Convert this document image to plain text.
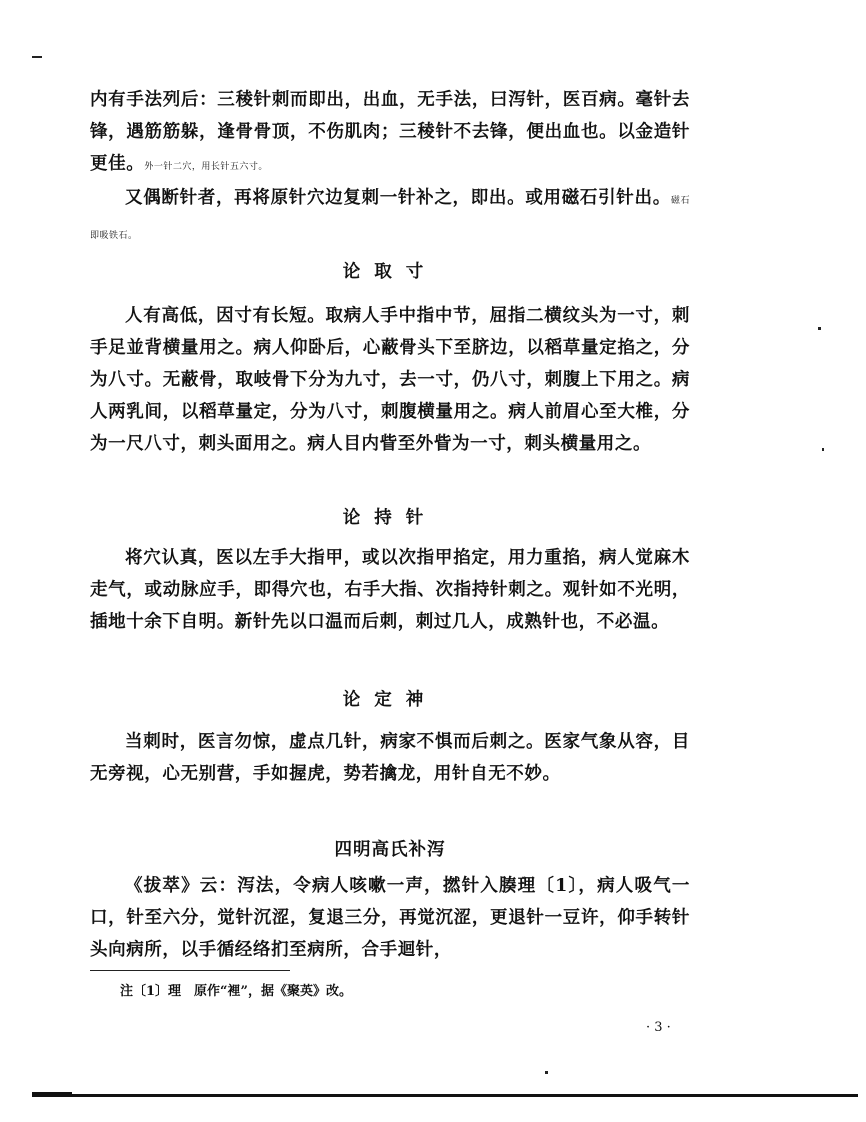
内有手法列后：三稜针刺而即出，出血，无手法，曰泻针，医百病。毫针去锋，遇筋筋躲，逢骨骨顶，不伤肌肉；三稜针不去锋，便出血也。以金造针更佳。外一针二穴，用长针五六寸。

又偶断针者，再将原针穴边复刺一针补之，即出。或用磁石引针出。磁石即吸铁石。

论取寸

人有高低，因寸有长短。取病人手中指中节，屈指二横纹头为一寸，刺手足並背横量用之。病人仰卧后，心蔽骨头下至脐边，以稻草量定掐之，分为八寸。无蔽骨，取岐骨下分为九寸，去一寸，仍八寸，刺腹上下用之。病人两乳间，以稻草量定，分为八寸，刺腹横量用之。病人前眉心至大椎，分为一尺八寸，刺头面用之。病人目内眥至外眥为一寸，刺头横量用之。

论持针

将穴认真，医以左手大指甲，或以次指甲掐定，用力重掐，病人觉麻木走气，或动脉应手，即得穴也，右手大指、次指持针刺之。观针如不光明，插地十余下自明。新针先以口温而后刺，刺过几人，成熟针也，不必温。

论定神

当刺时，医言勿惊，虚点几针，病家不惧而后刺之。医家气象从容，目无旁视，心无别营，手如握虎，势若擒龙，用针自无不妙。

四明高氏补泻

《拔萃》云：泻法，令病人咳嗽一声，撚针入腠理〔1〕，病人吸气一口，针至六分，觉针沉涩，复退三分，再觉沉涩，更退针一豆许，仰手转针头向病所，以手循经络扪至病所，合手迴针，

注〔1〕理　原作“裡”，据《聚英》改。
· 3 ·
